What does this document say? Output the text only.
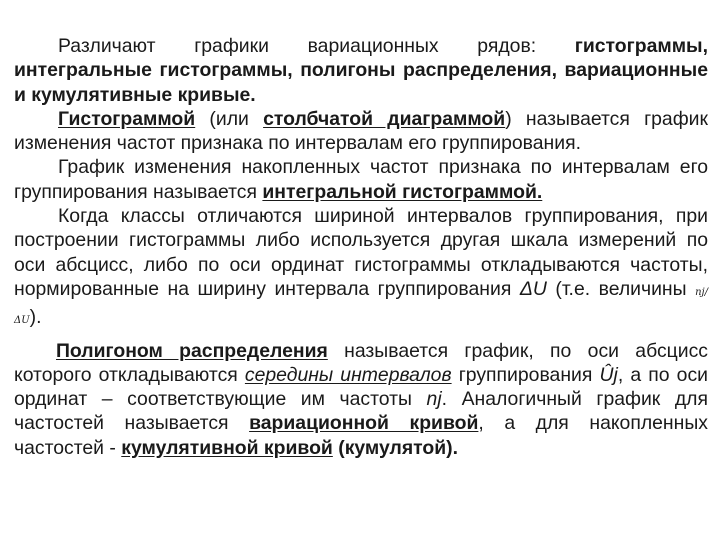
Различают графики вариационных рядов: гистограммы, интегральные гистограммы, полигоны распределения, вариационные и кумулятивные кривые.

Гистограммой (или столбчатой диаграммой) называется график изменения частот признака по интервалам его группирования.

График изменения накопленных частот признака по интервалам его группирования называется интегральной гистограммой.

Когда классы отличаются шириной интервалов группирования, при построении гистограммы либо используется другая шкала измерений по оси абсцисс, либо по оси ординат гистограммы откладываются частоты, нормированные на ширину интервала группирования ΔU (т.е. величины nj/ΔU).

Полигоном распределения называется график, по оси абсцисс которого откладываются середины интервалов группирования Ûj, а по оси ординат – соответствующие им частоты nj. Аналогичный график для частостей называется вариационной кривой, а для накопленных частостей - кумулятивной кривой (кумулятой).
